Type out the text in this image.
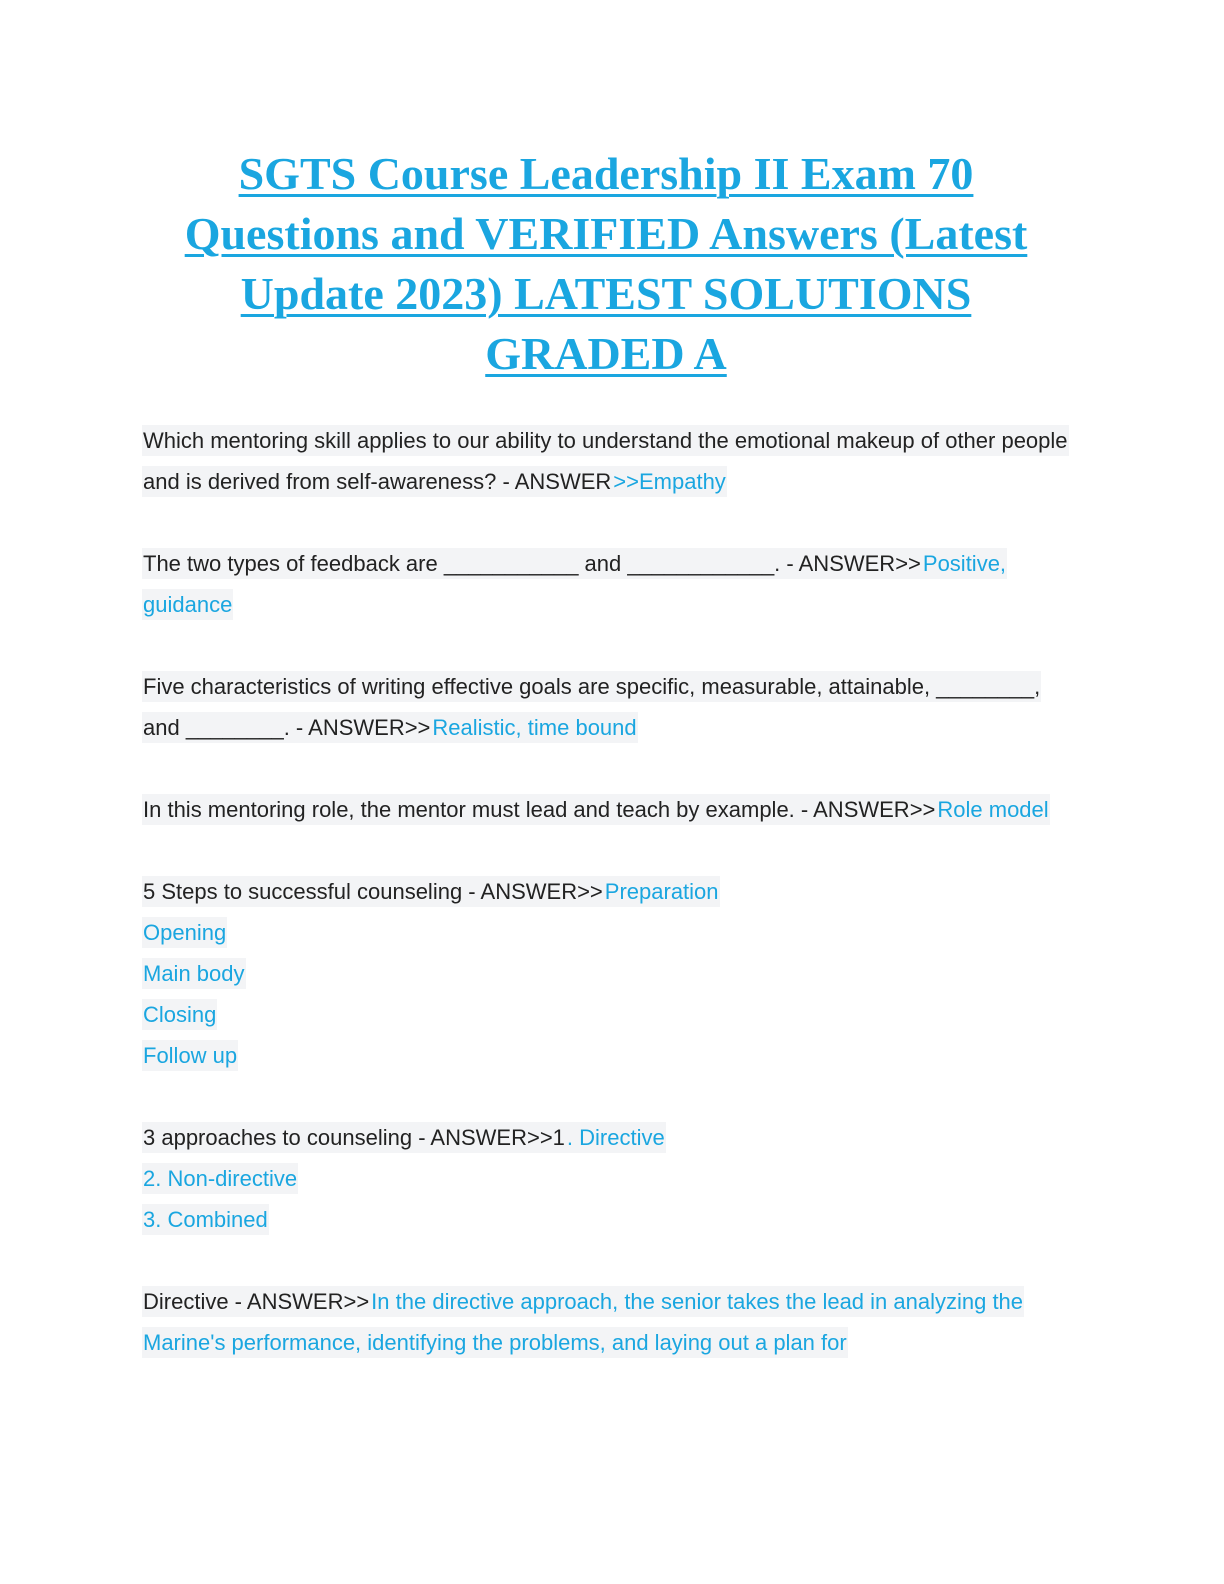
SGTS Course Leadership II Exam 70 Questions and VERIFIED Answers (Latest Update 2023) LATEST SOLUTIONS GRADED A
Which mentoring skill applies to our ability to understand the emotional makeup of other people and is derived from self-awareness? - ANSWER>>Empathy
The two types of feedback are ___________ and ____________. - ANSWER>>Positive, guidance
Five characteristics of writing effective goals are specific, measurable, attainable, ________, and ________. - ANSWER>>Realistic, time bound
In this mentoring role, the mentor must lead and teach by example. - ANSWER>>Role model
5 Steps to successful counseling - ANSWER>>Preparation
Opening
Main body
Closing
Follow up
3 approaches to counseling - ANSWER>>1. Directive
2. Non-directive
3. Combined
Directive - ANSWER>>In the directive approach, the senior takes the lead in analyzing the Marine's performance, identifying the problems, and laying out a plan for
